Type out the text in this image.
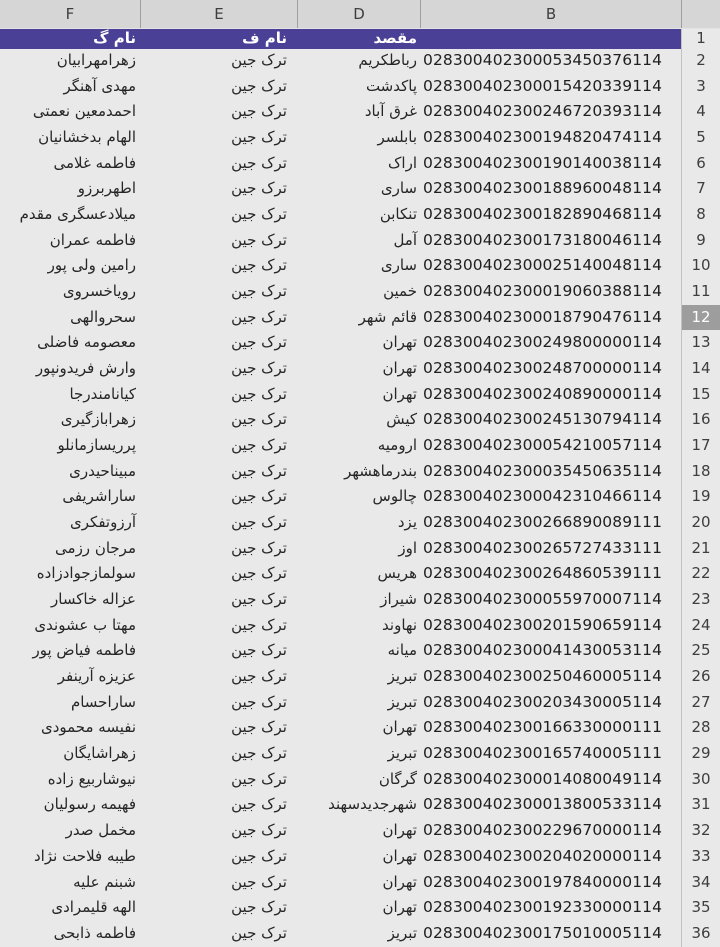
F	E	D	B
نام گ	نام ف	مقصد	1
زهرامهرابیان	ترک جین	رباطکریم 028300402300053450376114	2
مهدی آهنگر	ترک جین	پاکدشت 028300402300015420339114	3
احمدمعین نعمتی	ترک جین	غرق آباد 028300402300246720393114	4
الهام بدخشانیان	ترک جین	بابلسر 028300402300194820474114	5
فاطمه غلامی	ترک جین	اراک 028300402300190140038114	6
اطهربرزو	ترک جین	ساری 028300402300188960048114	7
میلادعسگری مقدم	ترک جین	تنکابن 028300402300182890468114	8
فاطمه عمران	ترک جین	آمل 028300402300173180046114	9
رامین ولی پور	ترک جین	ساری 028300402300025140048114	10
رویاخسروی	ترک جین	خمین 028300402300019060388114	11
سحروالهی	ترک جین	قائم شهر 028300402300018790476114	12
معصومه فاضلی	ترک جین	تهران 028300402300249800000114	13
وارش فریدونپور	ترک جین	تهران 028300402300248700000114	14
کیانامندرجا	ترک جین	تهران 028300402300240890000114	15
زهرابازگیری	ترک جین	کیش 028300402300245130794114	16
پرریسازمانلو	ترک جین	ارومیه 028300402300054210057114	17
مبیناحیدری	ترک جین	بندرماهشهر 028300402300035450635114	18
ساراشریفی	ترک جین	چالوس 028300402300042310466114	19
آرزوتفکری	ترک جین	یزد 028300402300266890089111	20
مرجان رزمی	ترک جین	اوز 028300402300265727433111	21
سولمازجوادزاده	ترک جین	هریس 028300402300264860539111	22
عزاله خاکسار	ترک جین	شیراز 028300402300055970007114	23
مهتا ب عشوندی	ترک جین	نهاوند 028300402300201590659114	24
فاطمه فیاض پور	ترک جین	میانه 028300402300041430053114	25
عزیزه آرینفر	ترک جین	تبریز 028300402300250460005114	26
ساراحسام	ترک جین	تبریز 028300402300203430005114	27
نفیسه محمودی	ترک جین	تهران 028300402300166330000111	28
زهراشایگان	ترک جین	تبریز 028300402300165740005111	29
نیوشاربیع زاده	ترک جین	گرگان 028300402300014080049114	30
فهیمه رسولیان	ترک جین	شهرجدیدسهند 028300402300013800533114	31
مخمل صدر	ترک جین	تهران 028300402300229670000114	32
طیبه فلاحت نژاد	ترک جین	تهران 028300402300204020000114	33
شبنم علیه	ترک جین	تهران 028300402300197840000114	34
الهه قلیمرادی	ترک جین	تهران 028300402300192330000114	35
فاطمه ذابحی	ترک جین	تبریز 028300402300175010005114	36
